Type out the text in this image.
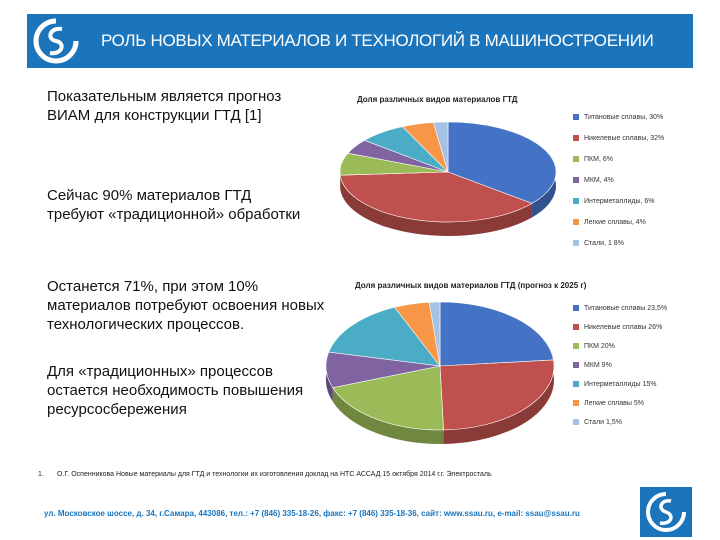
РОЛЬ НОВЫХ МАТЕРИАЛОВ И ТЕХНОЛОГИЙ В МАШИНОСТРОЕНИИ
Показательным является прогноз ВИАМ для конструкции ГТД [1]
Сейчас 90% материалов ГТД требуют «традиционной» обработки
Останется 71%, при этом 10% материалов потребуют освоения новых технологических процессов.
Для «традиционных» процессов остается необходимость повышения ресурсосбережения
Доля различных видов материалов ГТД
Титановые сплавы, 30%
Никелевые сплавы, 32%
ПКМ, 6%
МКМ, 4%
Интерметаллиды, 6%
Легкие сплавы, 4%
Стали, 1 8%
Доля различных видов материалов ГТД (прогноз к 2025 г)
Титановые сплавы 23,5%
Никелевые сплавы 26%
ПКМ 20%
МКМ 9%
Интерметаллиды 15%
Легкие сплавы 5%
Стали 1,5%
1. О.Г. Оспенникова Новые материалы для ГТД и технологии их изготовления доклад на НТС АССАД 15 октября 2014 г.г. Электросталь
ул. Московское шоссе, д. 34, г.Самара, 443086, тел.: +7 (846) 335-18-26, факс: +7 (846) 335-18-36, сайт: www.ssau.ru, e-mail: ssau@ssau.ru
